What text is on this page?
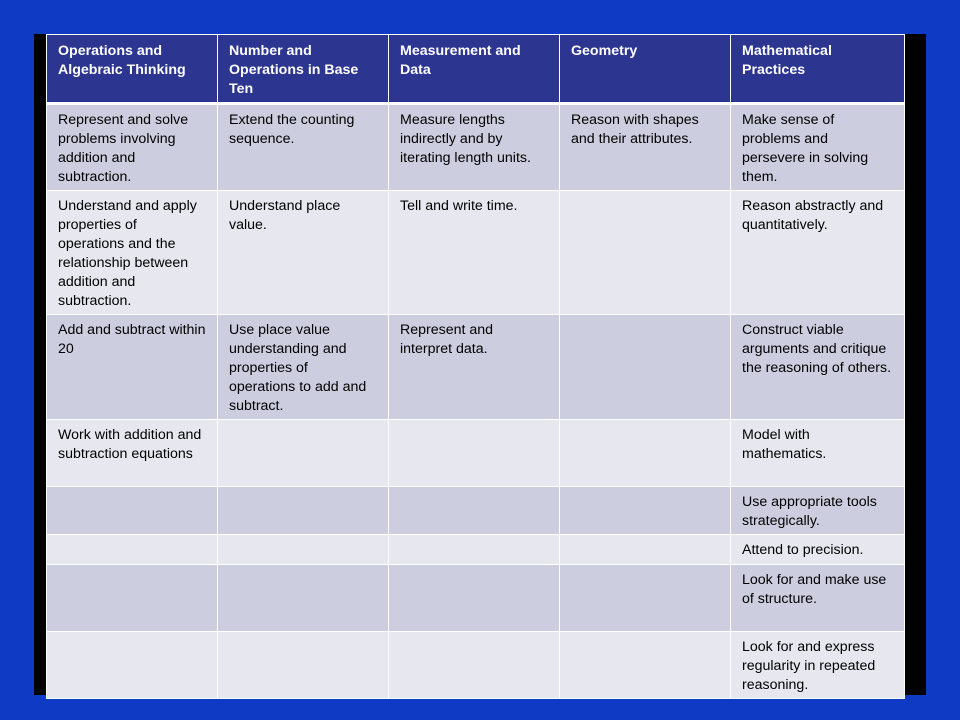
Operations and Algebraic Thinking	Number and Operations in Base Ten	Measurement and Data	Geometry	Mathematical Practices
Represent and solve problems involving addition and subtraction.	Extend the counting sequence.	Measure lengths indirectly and by iterating length units.	Reason with shapes and their attributes.	Make sense of problems and persevere in solving them.
Understand and apply properties of operations and the relationship between addition and subtraction.	Understand place value.	Tell and write time.		Reason abstractly and quantitatively.
Add and subtract within 20	Use place value understanding and properties of operations to add and subtract.	Represent and interpret data.		Construct viable arguments and critique the reasoning of others.
Work with addition and subtraction equations				Model with mathematics.
				Use appropriate tools strategically.
				Attend to precision.
				Look for and make use of structure.
				Look for and express regularity in repeated reasoning.
